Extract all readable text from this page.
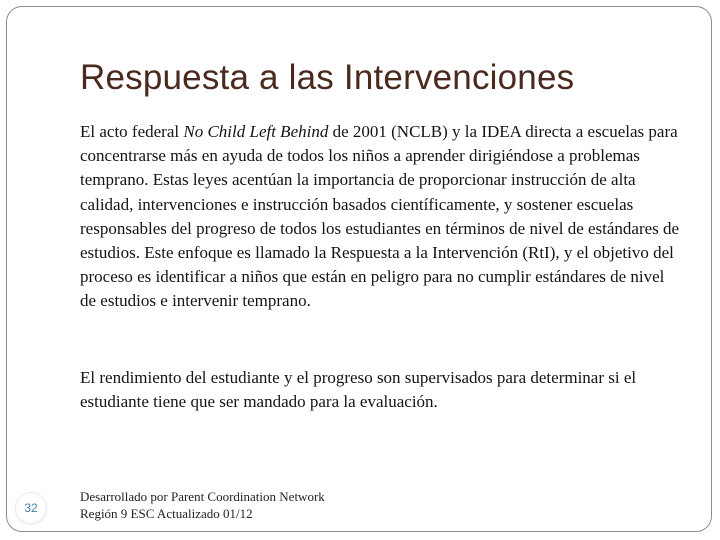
Respuesta a las Intervenciones

El acto federal No Child Left Behind de 2001 (NCLB) y la IDEA directa a escuelas para concentrarse más en ayuda de todos los niños a aprender dirigiéndose a problemas temprano. Estas leyes acentúan la importancia de proporcionar instrucción de alta calidad, intervenciones e instrucción basados científicamente, y sostener escuelas responsables del progreso de todos los estudiantes en términos de nivel de estándares de estudios. Este enfoque es llamado la Respuesta a la Intervención (RtI), y el objetivo del proceso es identificar a niños que están en peligro para no cumplir estándares de nivel de estudios e intervenir temprano.

El rendimiento del estudiante y el progreso son supervisados para determinar si el estudiante tiene que ser mandado para la evaluación.

32
Desarrollado por Parent Coordination Network
Región 9 ESC Actualizado 01/12
